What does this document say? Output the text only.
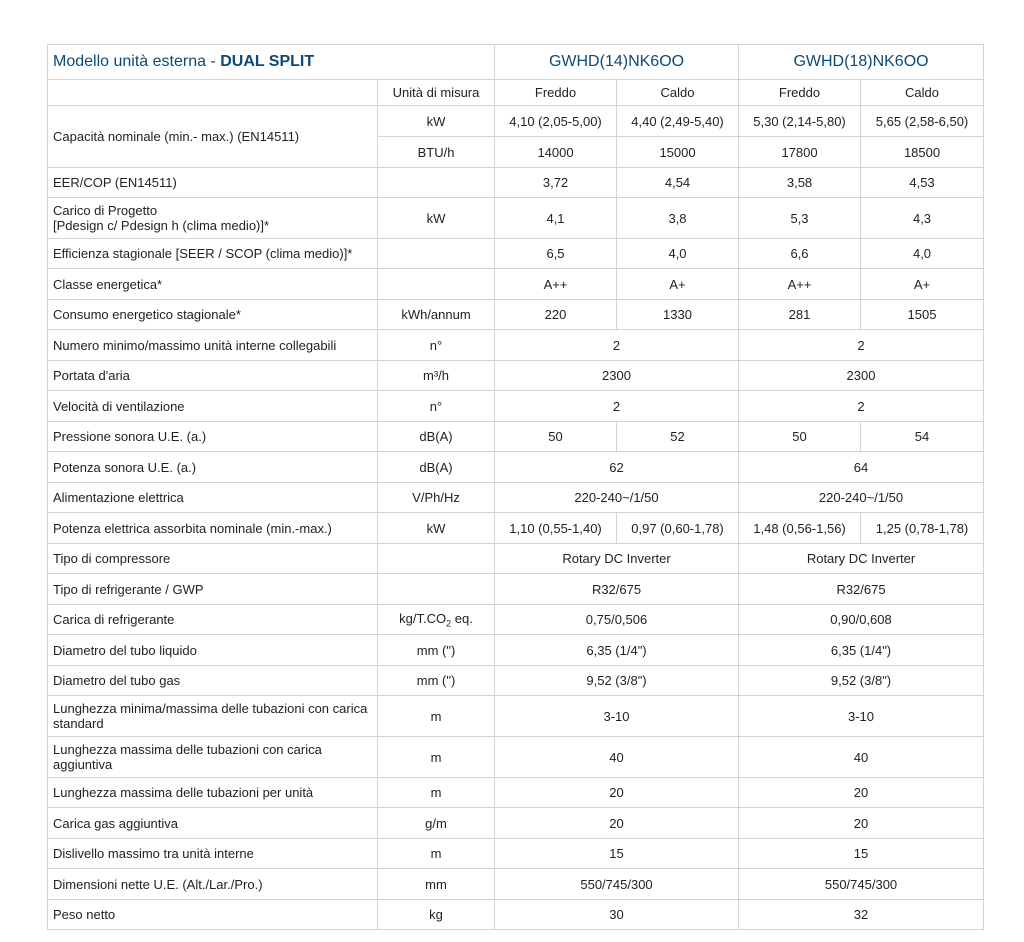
Modello unità esterna - DUAL SPLIT		GWHD(14)NK6OO		GWHD(18)NK6OO	
	Unità di misura	Freddo	Caldo	Freddo	Caldo
Capacità nominale (min.- max.) (EN14511)	kW	4,10 (2,05-5,00)	4,40 (2,49-5,40)	5,30 (2,14-5,80)	5,65 (2,58-6,50)
	BTU/h	14000	15000	17800	18500
EER/COP (EN14511)		3,72	4,54	3,58	4,53
Carico di Progetto
[Pdesign c/ Pdesign h (clima medio)]*	kW	4,1	3,8	5,3	4,3
Efficienza stagionale [SEER / SCOP (clima medio)]*		6,5	4,0	6,6	4,0
Classe energetica*		A++	A+	A++	A+
Consumo energetico stagionale*	kWh/annum	220	1330	281	1505
Numero minimo/massimo unità interne collegabili	n°	2		2	
Portata d'aria	m³/h	2300		2300	
Velocità di ventilazione	n°	2		2	
Pressione sonora U.E. (a.)	dB(A)	50	52	50	54
Potenza sonora U.E. (a.)	dB(A)	62		64	
Alimentazione elettrica	V/Ph/Hz	220-240~/1/50		220-240~/1/50	
Potenza elettrica assorbita nominale (min.-max.)	kW	1,10 (0,55-1,40)	0,97 (0,60-1,78)	1,48 (0,56-1,56)	1,25 (0,78-1,78)
Tipo di compressore		Rotary DC Inverter		Rotary DC Inverter	
Tipo di refrigerante / GWP		R32/675		R32/675	
Carica di refrigerante	$kg/T.CO_2$ eq.	0,75/0,506		0,90/0,608	
Diametro del tubo liquido	mm (")	6,35 (1/4")		6,35 (1/4")	
Diametro del tubo gas	mm (")	9,52 (3/8")		9,52 (3/8")	
Lunghezza minima/massima delle tubazioni con carica standard	m	3-10		3-10	
Lunghezza massima delle tubazioni con carica aggiuntiva	m	40		40	
Lunghezza massima delle tubazioni per unità	m	20		20	
Carica gas aggiuntiva	g/m	20		20	
Dislivello massimo tra unità interne	m	15		15	
Dimensioni nette U.E. (Alt./Lar./Pro.)	mm	550/745/300		550/745/300	
Peso netto	kg	30		32	
